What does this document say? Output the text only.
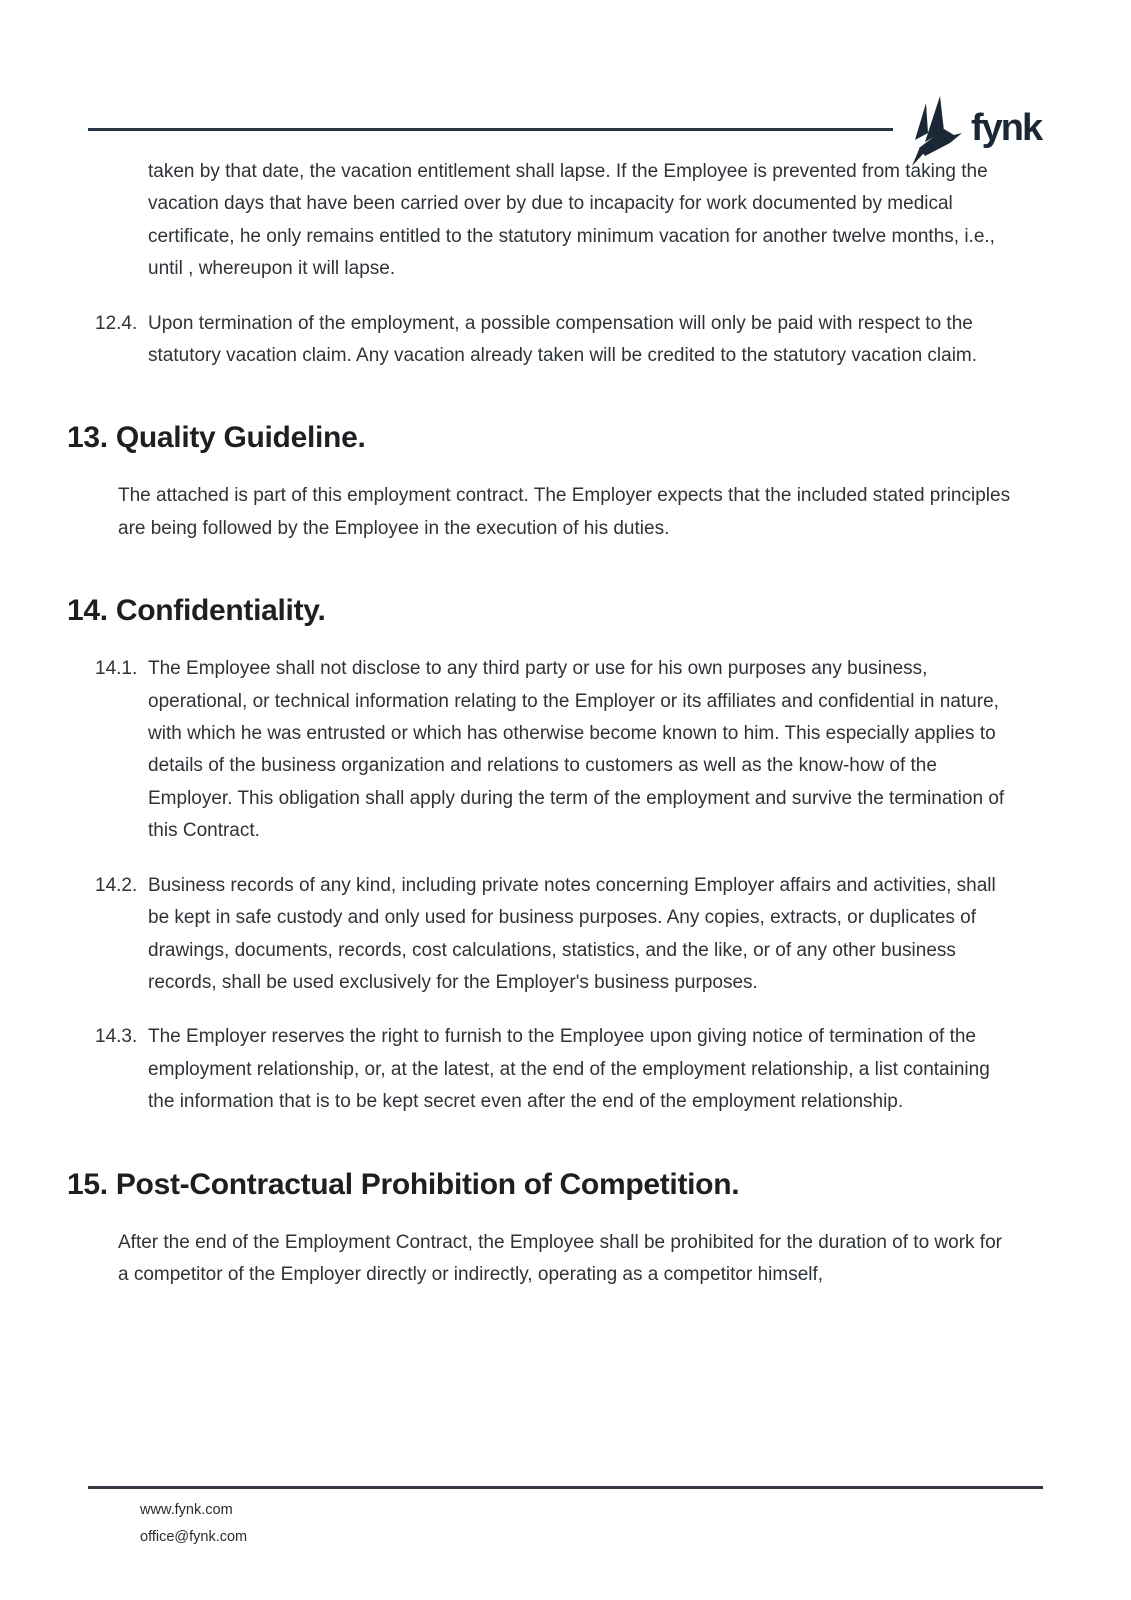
fynk

taken by that date, the vacation entitlement shall lapse. If the Employee is prevented from taking the vacation days that have been carried over by due to incapacity for work documented by medical certificate, he only remains entitled to the statutory minimum vacation for another twelve months, i.e., until , whereupon it will lapse.

12.4. Upon termination of the employment, a possible compensation will only be paid with respect to the statutory vacation claim. Any vacation already taken will be credited to the statutory vacation claim.
13. Quality Guideline.

The attached is part of this employment contract. The Employer expects that the included stated principles are being followed by the Employee in the execution of his duties.

14. Confidentiality.
14.1. The Employee shall not disclose to any third party or use for his own purposes any business, operational, or technical information relating to the Employer or its affiliates and confidential in nature, with which he was entrusted or which has otherwise become known to him. This especially applies to details of the business organization and relations to customers as well as the know-how of the Employer. This obligation shall apply during the term of the employment and survive the termination of this Contract.
14.2. Business records of any kind, including private notes concerning Employer affairs and activities, shall be kept in safe custody and only used for business purposes. Any copies, extracts, or duplicates of drawings, documents, records, cost calculations, statistics, and the like, or of any other business records, shall be used exclusively for the Employer's business purposes.
14.3. The Employer reserves the right to furnish to the Employee upon giving notice of termination of the employment relationship, or, at the latest, at the end of the employment relationship, a list containing the information that is to be kept secret even after the end of the employment relationship.
15. Post-Contractual Prohibition of Competition.

After the end of the Employment Contract, the Employee shall be prohibited for the duration of to work for a competitor of the Employer directly or indirectly, operating as a competitor himself,

www.fynk.com
office@fynk.com
